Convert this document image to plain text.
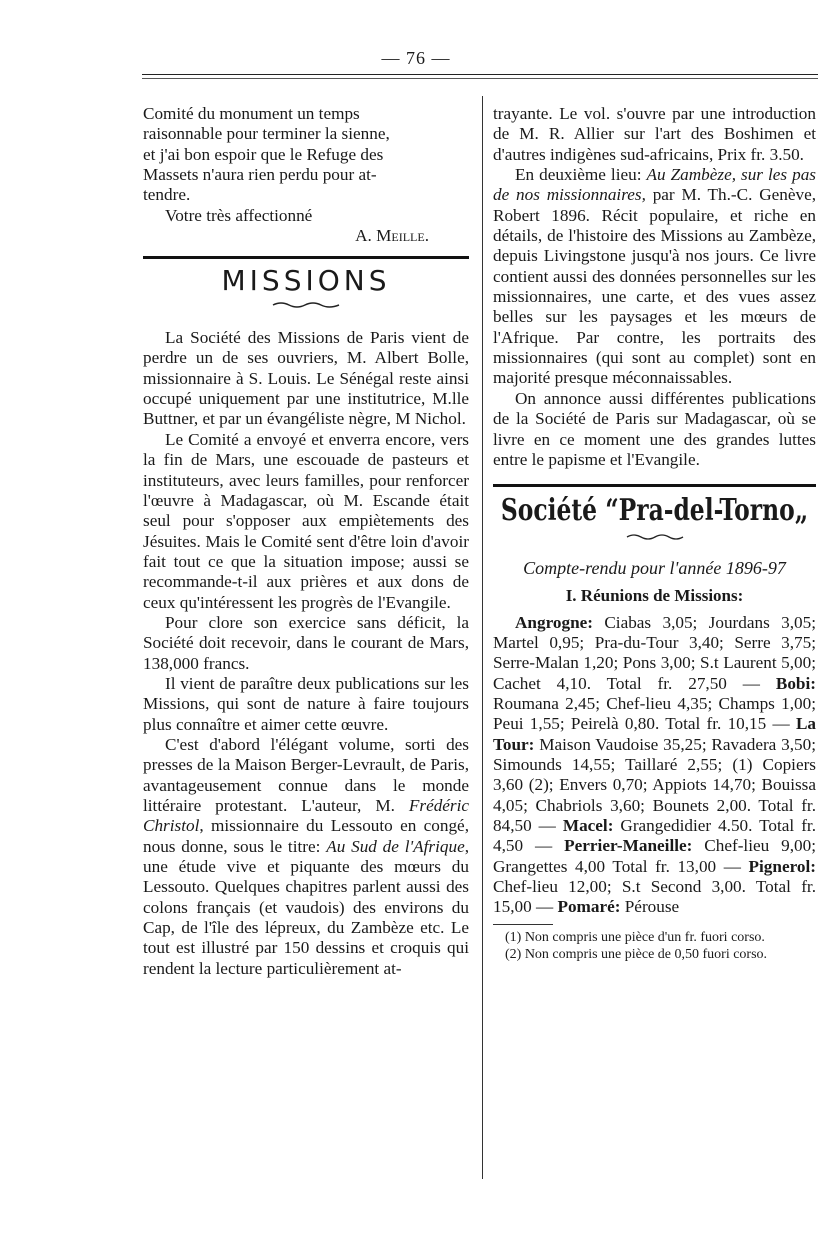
— 76 —

Comité du monument un temps
raisonnable pour terminer la sienne,
et j'ai bon espoir que le Refuge des
Massets n'aura rien perdu pour at-
tendre.

Votre très affectionné

A. Meille.

MISSIONS

La Société des Missions de Paris vient de perdre un de ses ouvriers, M. Albert Bolle, missionnaire à S. Louis. Le Sénégal reste ainsi occupé uniquement par une institutrice, M.lle Buttner, et par un évangéliste nègre, M Nichol.

Le Comité a envoyé et enverra encore, vers la fin de Mars, une escouade de pasteurs et instituteurs, avec leurs familles, pour renforcer l'œuvre à Madagascar, où M. Escande était seul pour s'opposer aux empiètements des Jésuites. Mais le Comité sent d'être loin d'avoir fait tout ce que la situation impose; aussi se recommande-t-il aux prières et aux dons de ceux qu'intéressent les progrès de l'Evangile.

Pour clore son exercice sans déficit, la Société doit recevoir, dans le courant de Mars, 138,000 francs.

Il vient de paraître deux publications sur les Missions, qui sont de nature à faire toujours plus connaître et aimer cette œuvre.

C'est d'abord l'élégant volume, sorti des presses de la Maison Berger-Levrault, de Paris, avantageusement connue dans le monde littéraire protestant. L'auteur, M. Frédéric Christol, missionnaire du Lessouto en congé, nous donne, sous le titre: Au Sud de l'Afrique, une étude vive et piquante des mœurs du Lessouto. Quelques chapitres parlent aussi des colons français (et vaudois) des environs du Cap, de l'île des lépreux, du Zambèze etc. Le tout est illustré par 150 dessins et croquis qui rendent la lecture particulièrement at-

trayante. Le vol. s'ouvre par une introduction de M. R. Allier sur l'art des Boshimen et d'autres indigènes sud-africains, Prix fr. 3.50.

En deuxième lieu: Au Zambèze, sur les pas de nos missionnaires, par M. Th.-C. Genève, Robert 1896. Récit populaire, et riche en détails, de l'histoire des Missions au Zambèze, depuis Livingstone jusqu'à nos jours. Ce livre contient aussi des données personnelles sur les missionnaires, une carte, et des vues assez belles sur les paysages et les mœurs de l'Afrique. Par contre, les portraits des missionnaires (qui sont au complet) sont en majorité presque méconnaissables.

On annonce aussi différentes publications de la Société de Paris sur Madagascar, où se livre en ce moment une des grandes luttes entre le papisme et l'Evangile.

Société “Pra-del-Torno„
Compte-rendu pour l'année 1896-97
I. Réunions de Missions:

Angrogne: Ciabas 3,05; Jourdans 3,05; Martel 0,95; Pra-du-Tour 3,40; Serre 3,75; Serre-Malan 1,20; Pons 3,00; S.t Laurent 5,00; Cachet 4,10. Total fr. 27,50 — Bobi: Roumana 2,45; Chef-lieu 4,35; Champs 1,00; Peui 1,55; Peirelà 0,80. Total fr. 10,15 — La Tour: Maison Vaudoise 35,25; Ravadera 3,50; Simounds 14,55; Taillaré 2,55; (1) Copiers 3,60 (2); Envers 0,70; Appiots 14,70; Bouissa 4,05; Chabriols 3,60; Bounets 2,00. Total fr. 84,50 — Macel: Grangedidier 4.50. Total fr. 4,50 — Perrier-Maneille: Chef-lieu 9,00; Grangettes 4,00 Total fr. 13,00 — Pignerol: Chef-lieu 12,00; S.t Second 3,00. Total fr. 15,00 — Pomaré: Pérouse

(1) Non compris une pièce d'un fr. fuori corso.
(2) Non compris une pièce de 0,50 fuori corso.
